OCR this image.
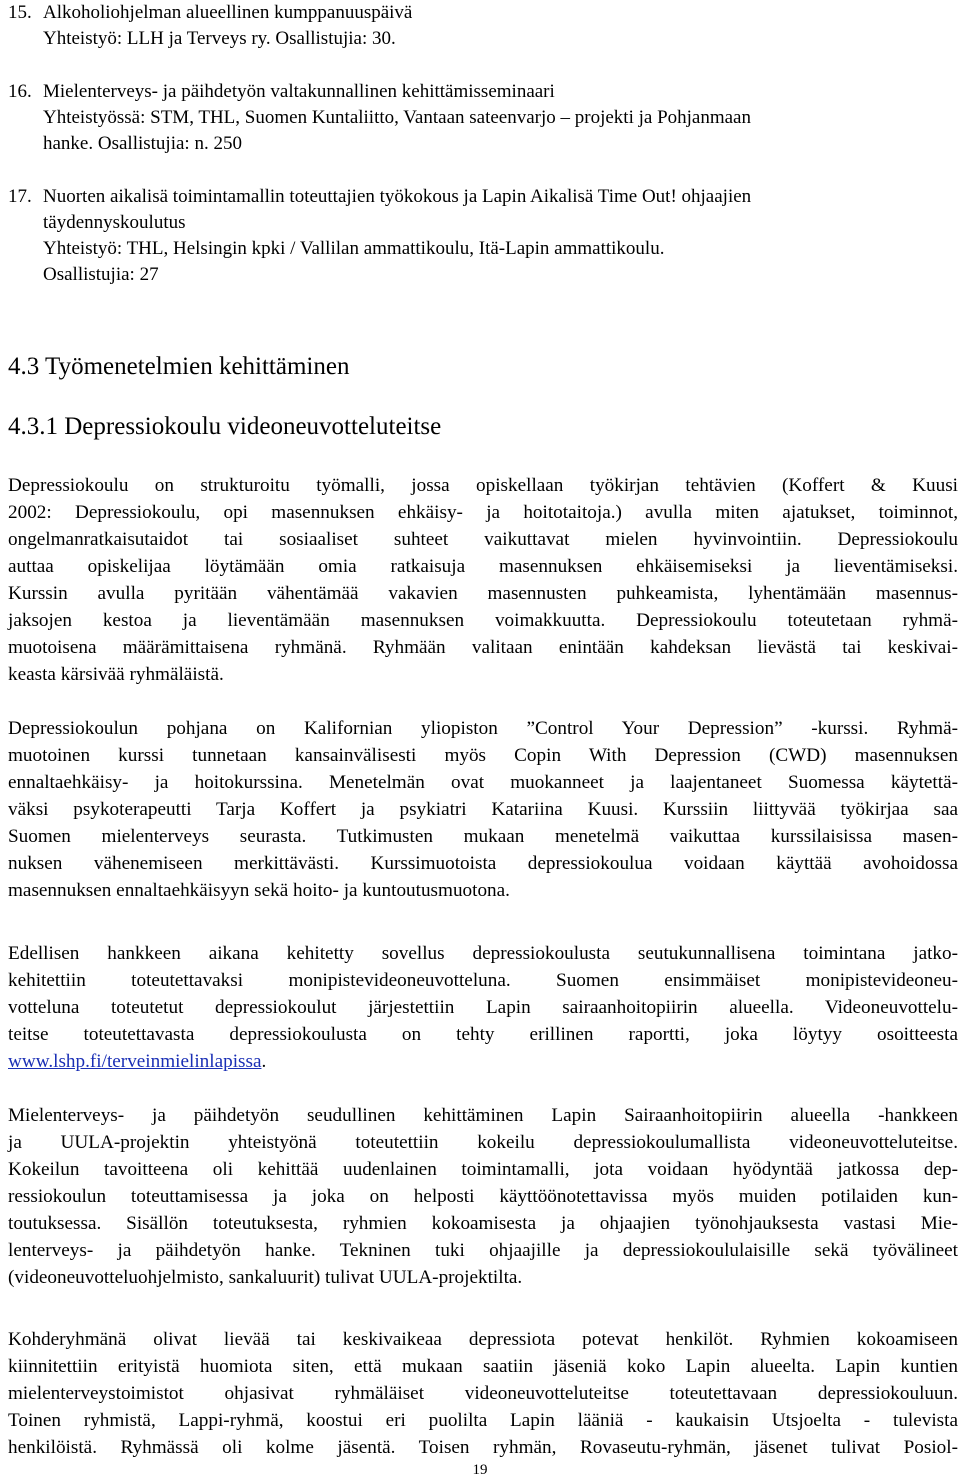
15. Alkoholiohjelman alueellinen kumppanuuspäivä
Yhteistyö: LLH ja Terveys ry. Osallistujia: 30.
16. Mielenterveys- ja päihdetyön valtakunnallinen kehittämisseminaari
Yhteistyössä: STM, THL, Suomen Kuntaliitto, Vantaan sateenvarjo – projekti ja Pohjanmaan
hanke. Osallistujia: n. 250
17. Nuorten aikalisä toimintamallin toteuttajien työkokous ja Lapin Aikalisä Time Out! ohjaajien
täydennyskoulutus
Yhteistyö: THL, Helsingin kpki / Vallilan ammattikoulu, Itä-Lapin ammattikoulu.
Osallistujia: 27
4.3 Työmenetelmien kehittäminen
4.3.1 Depressiokoulu videoneuvotteluteitse
Depressiokoulu on strukturoitu työmalli, jossa opiskellaan työkirjan tehtävien (Koffert & Kuusi
2002: Depressiokoulu, opi masennuksen ehkäisy- ja hoitotaitoja.) avulla miten ajatukset, toiminnot,
ongelmanratkaisutaidot tai sosiaaliset suhteet vaikuttavat mielen hyvinvointiin. Depressiokoulu
auttaa opiskelijaa löytämään omia ratkaisuja masennuksen ehkäisemiseksi ja lieventämiseksi.
Kurssin avulla pyritään vähentämää vakavien masennusten puhkeamista, lyhentämään masennus-
jaksojen kestoa ja lieventämään masennuksen voimakkuutta. Depressiokoulu toteutetaan ryhmä-
muotoisena määrämittaisena ryhmänä. Ryhmään valitaan enintään kahdeksan lievästä tai keskivai-
keasta kärsivää ryhmäläistä.
Depressiokoulun pohjana on Kalifornian yliopiston ”Control Your Depression” -kurssi. Ryhmä-
muotoinen kurssi tunnetaan kansainvälisesti myös Copin With Depression (CWD) masennuksen
ennaltaehkäisy- ja hoitokurssina. Menetelmän ovat muokanneet ja laajentaneet Suomessa käytettä-
väksi psykoterapeutti Tarja Koffert ja psykiatri Katariina Kuusi. Kurssiin liittyvää työkirjaa saa
Suomen mielenterveys seurasta. Tutkimusten mukaan menetelmä vaikuttaa kurssilaisissa masen-
nuksen vähenemiseen merkittävästi. Kurssimuotoista depressiokoulua voidaan käyttää avohoidossa
masennuksen ennaltaehkäisyyn sekä hoito- ja kuntoutusmuotona.
Edellisen hankkeen aikana kehitetty sovellus depressiokoulusta seutukunnallisena toimintana jatko-
kehitettiin toteutettavaksi monipistevideoneuvotteluna. Suomen ensimmäiset monipistevideoneu-
votteluna toteutetut depressiokoulut järjestettiin Lapin sairaanhoitopiirin alueella. Videoneuvottelu-
teitse toteutettavasta depressiokoulusta on tehty erillinen raportti, joka löytyy osoitteesta
www.lshp.fi/terveinmielinlapissa.
Mielenterveys- ja päihdetyön seudullinen kehittäminen Lapin Sairaanhoitopiirin alueella -hankkeen
ja UULA-projektin yhteistyönä toteutettiin kokeilu depressiokoulumallista videoneuvotteluteitse.
Kokeilun tavoitteena oli kehittää uudenlainen toimintamalli, jota voidaan hyödyntää jatkossa dep-
ressiokoulun toteuttamisessa ja joka on helposti käyttöönotettavissa myös muiden potilaiden kun-
toutuksessa. Sisällön toteutuksesta, ryhmien kokoamisesta ja ohjaajien työnohjauksesta vastasi Mie-
lenterveys- ja päihdetyön hanke. Tekninen tuki ohjaajille ja depressiokoululaisille sekä työvälineet
(videoneuvotteluohjelmisto, sankaluurit) tulivat UULA-projektilta.
Kohderyhmänä olivat lievää tai keskivaikeaa depressiota potevat henkilöt. Ryhmien kokoamiseen
kiinnitettiin erityistä huomiota siten, että mukaan saatiin jäseniä koko Lapin alueelta. Lapin kuntien
mielenterveystoimistot ohjasivat ryhmäläiset videoneuvotteluteitse toteutettavaan depressiokouluun.
Toinen ryhmistä, Lappi-ryhmä, koostui eri puolilta Lapin lääniä - kaukaisin Utsjoelta - tulevista
henkilöistä. Ryhmässä oli kolme jäsentä. Toisen ryhmän, Rovaseutu-ryhmän, jäsenet tulivat Posiol-
19
